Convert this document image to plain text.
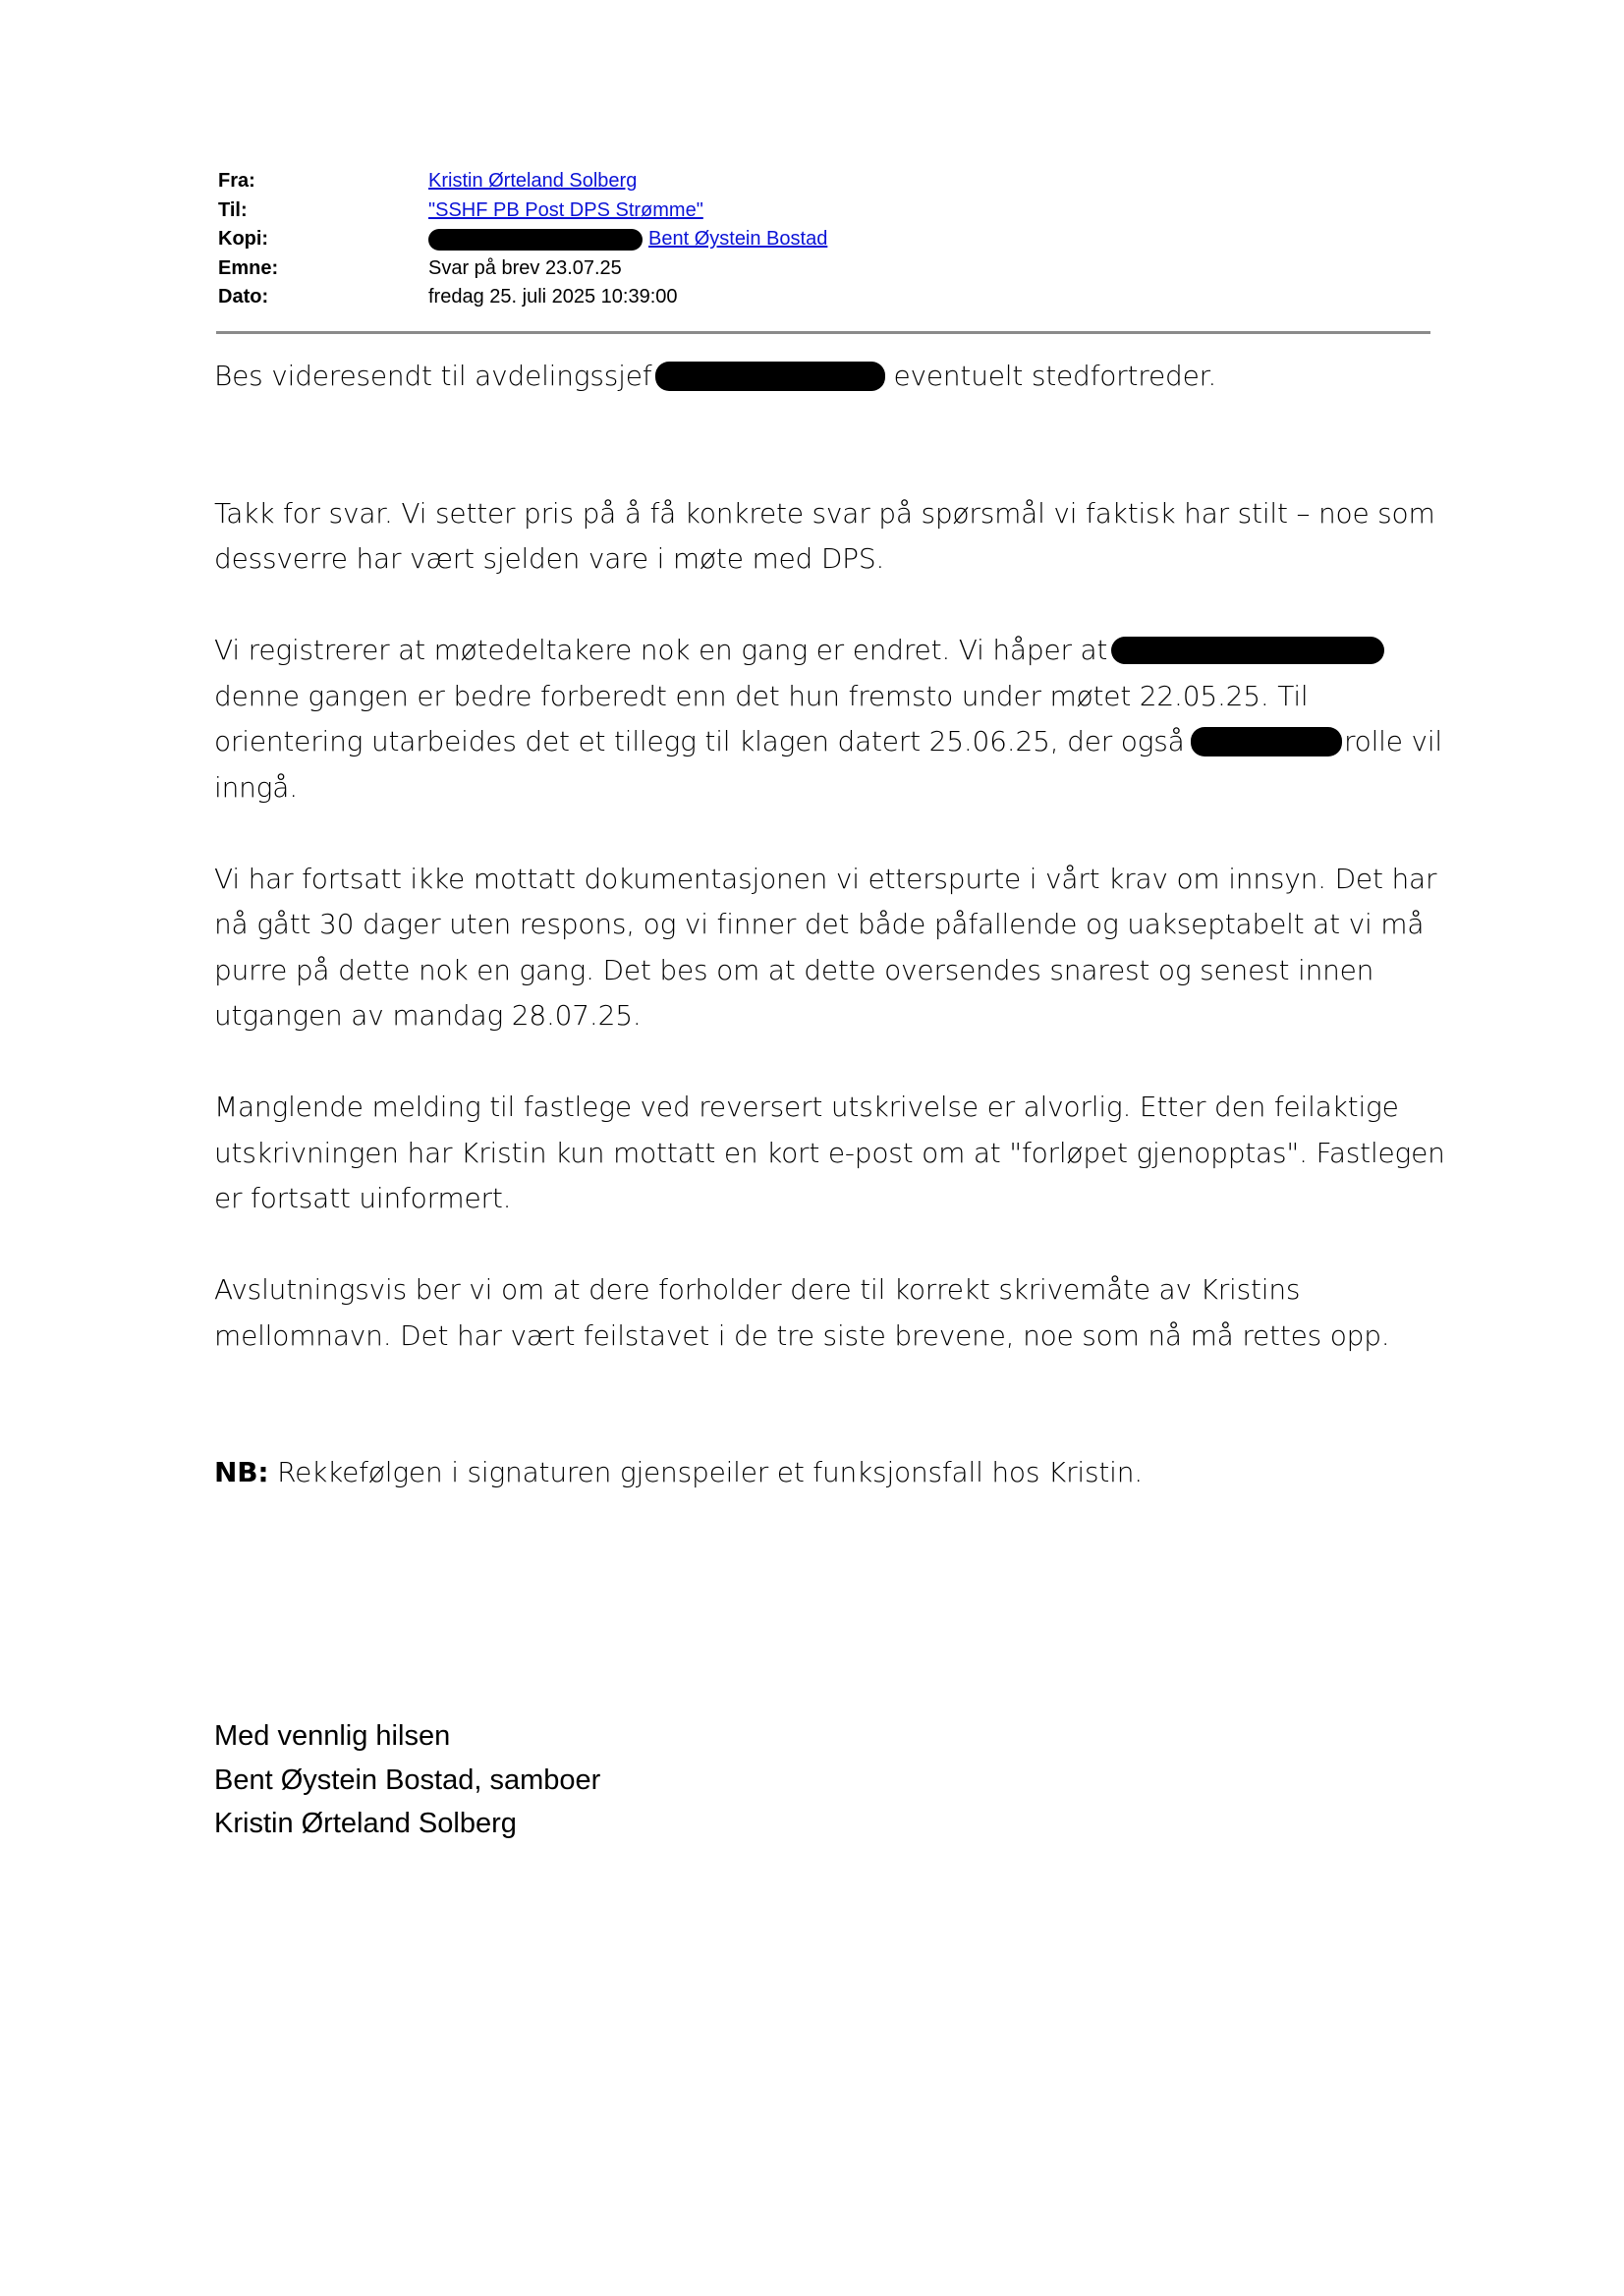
Fra:	Kristin Ørteland Solberg
Til:	"SSHF PB Post DPS Strømme"
Kopi:	Bent Øystein Bostad
Emne:	Svar på brev 23.07.25
Dato:	fredag 25. juli 2025 10:39:00
Bes videresendt til avdelingssjef	eventuelt stedfortreder.
Takk for svar. Vi setter pris på å få konkrete svar på spørsmål vi faktisk har stilt – noe som
dessverre har vært sjelden vare i møte med DPS.
Vi registrerer at møtedeltakere nok en gang er endret. Vi håper at
denne gangen er bedre forberedt enn det hun fremsto under møtet 22.05.25. Til
orientering utarbeides det et tillegg til klagen datert 25.06.25, der også	rolle vil
inngå.
Vi har fortsatt ikke mottatt dokumentasjonen vi etterspurte i vårt krav om innsyn. Det har
nå gått 30 dager uten respons, og vi finner det både påfallende og uakseptabelt at vi må
purre på dette nok en gang. Det bes om at dette oversendes snarest og senest innen
utgangen av mandag 28.07.25.
Manglende melding til fastlege ved reversert utskrivelse er alvorlig. Etter den feilaktige
utskrivningen har Kristin kun mottatt en kort e-post om at "forløpet gjenopptas". Fastlegen
er fortsatt uinformert.
Avslutningsvis ber vi om at dere forholder dere til korrekt skrivemåte av Kristins
mellomnavn. Det har vært feilstavet i de tre siste brevene, noe som nå må rettes opp.
NB:
Rekkefølgen i signaturen gjenspeiler et funksjonsfall hos Kristin.
Med vennlig hilsen
Bent Øystein Bostad, samboer
Kristin Ørteland Solberg
